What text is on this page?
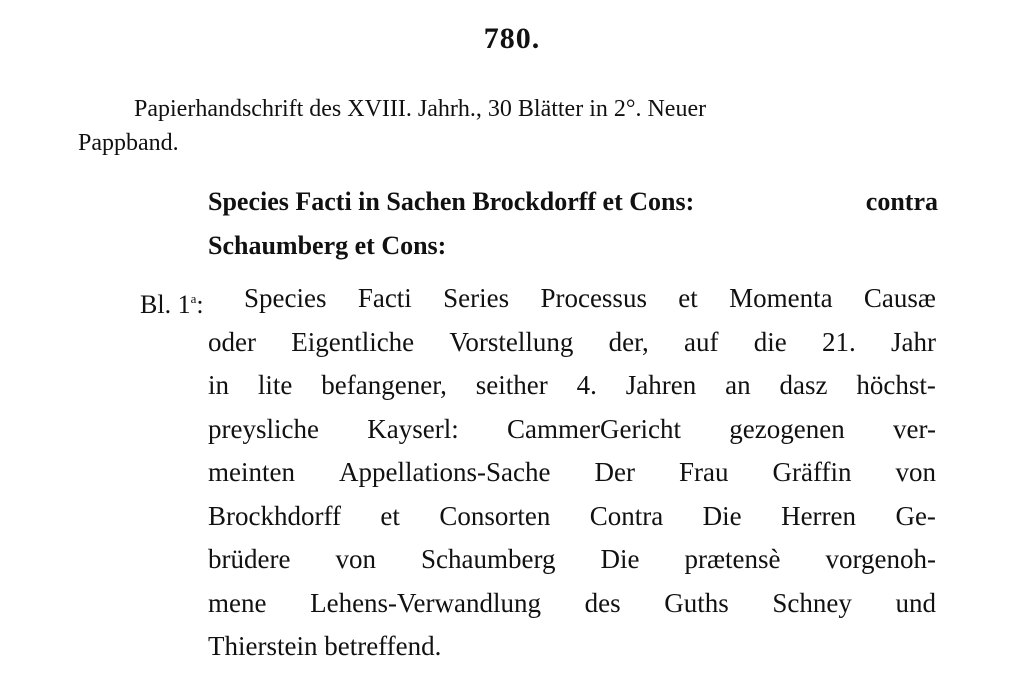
780.
Papierhandschrift des XVIII. Jahrh., 30 Blätter in 2°. Neuer
Pappband.
Species Facti in Sachen Brockdorff et Cons:	contra
Schaumberg et Cons:
Bl. 1$^a$: Species Facti Series Processus et Momenta Causæ
oder Eigentliche Vorstellung der, auf die 21. Jahr
in lite befangener, seither 4. Jahren an dasz höchst-
preysliche Kayserl: CammerGericht gezogenen ver-
meinten Appellations-Sache Der Frau Gräffin von
Brockhdorff et Consorten Contra Die Herren Ge-
brüdere von Schaumberg Die prætensè vorgenoh-
mene Lehens-Verwandlung des Guths Schney und
Thierstein betreffend.
